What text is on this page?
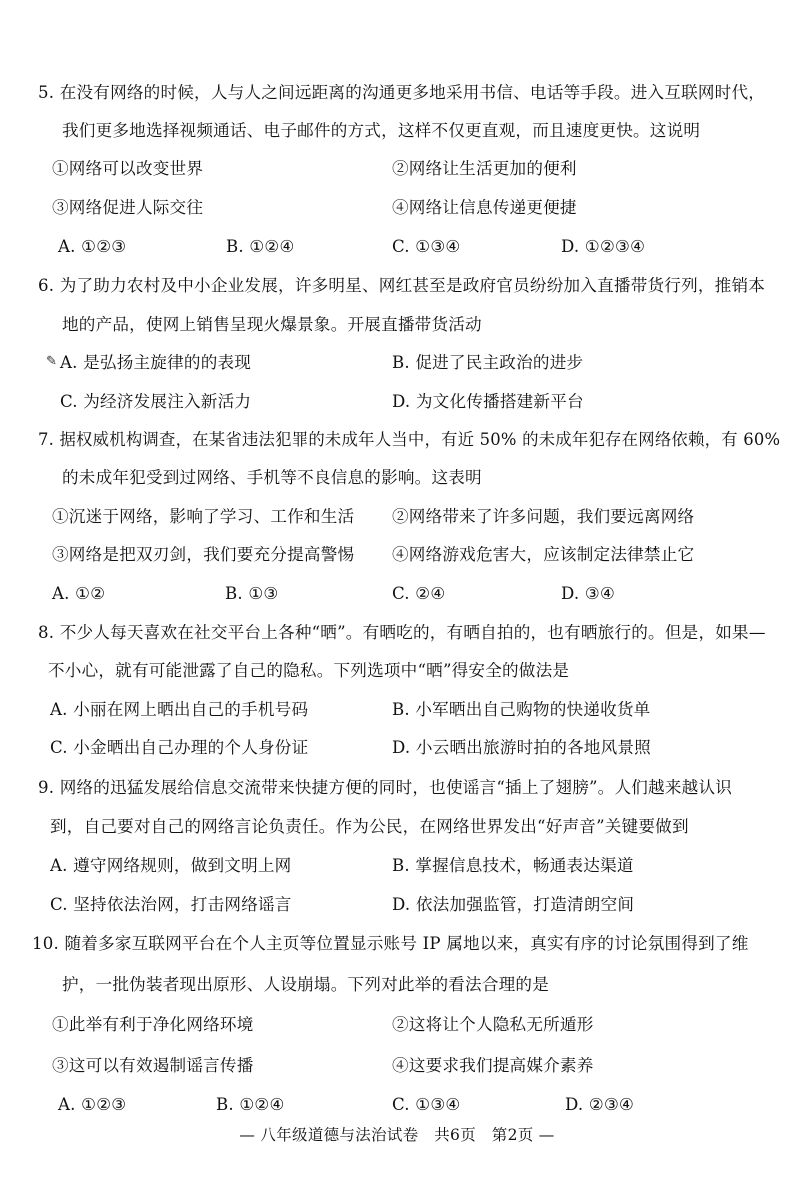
5. 在没有网络的时候，人与人之间远距离的沟通更多地采用书信、电话等手段。进入互联网时代，
我们更多地选择视频通话、电子邮件的方式，这样不仅更直观，而且速度更快。这说明
①网络可以改变世界	②网络让生活更加的便利
③网络促进人际交往	④网络让信息传递更便捷
A. ①②③	B. ①②④	C. ①③④	D. ①②③④
6. 为了助力农村及中小企业发展，许多明星、网红甚至是政府官员纷纷加入直播带货行列，推销本
地的产品，使网上销售呈现火爆景象。开展直播带货活动
✎ A. 是弘扬主旋律的的表现	B. 促进了民主政治的进步
C. 为经济发展注入新活力	D. 为文化传播搭建新平台
7. 据权威机构调查，在某省违法犯罪的未成年人当中，有近 50% 的未成年犯存在网络依赖，有 60%
的未成年犯受到过网络、手机等不良信息的影响。这表明
①沉迷于网络，影响了学习、工作和生活 ②网络带来了许多问题，我们要远离网络
③网络是把双刃剑，我们要充分提高警惕 ④网络游戏危害大，应该制定法律禁止它
A. ①②	B. ①③	C. ②④	D. ③④
8. 不少人每天喜欢在社交平台上各种“晒”。有晒吃的，有晒自拍的，也有晒旅行的。但是，如果—
不小心，就有可能泄露了自己的隐私。下列选项中“晒”得安全的做法是
A. 小丽在网上晒出自己的手机号码	B. 小军晒出自己购物的快递收货单
C. 小金晒出自己办理的个人身份证	D. 小云晒出旅游时拍的各地风景照
9. 网络的迅猛发展给信息交流带来快捷方便的同时，也使谣言“插上了翅膀”。人们越来越认识
到，自己要对自己的网络言论负责任。作为公民，在网络世界发出“好声音”关键要做到
A. 遵守网络规则，做到文明上网	B. 掌握信息技术，畅通表达渠道
C. 坚持依法治网，打击网络谣言	D. 依法加强监管，打造清朗空间
10. 随着多家互联网平台在个人主页等位置显示账号 IP 属地以来，真实有序的讨论氛围得到了维
护，一批伪装者现出原形、人设崩塌。下列对此举的看法合理的是
①此举有利于净化网络环境	②这将让个人隐私无所遁形
③这可以有效遏制谣言传播	④这要求我们提高媒介素养
A. ①②③	B. ①②④	C. ①③④	D. ②③④
— 八年级道德与法治试卷　共6页　第2页 —
